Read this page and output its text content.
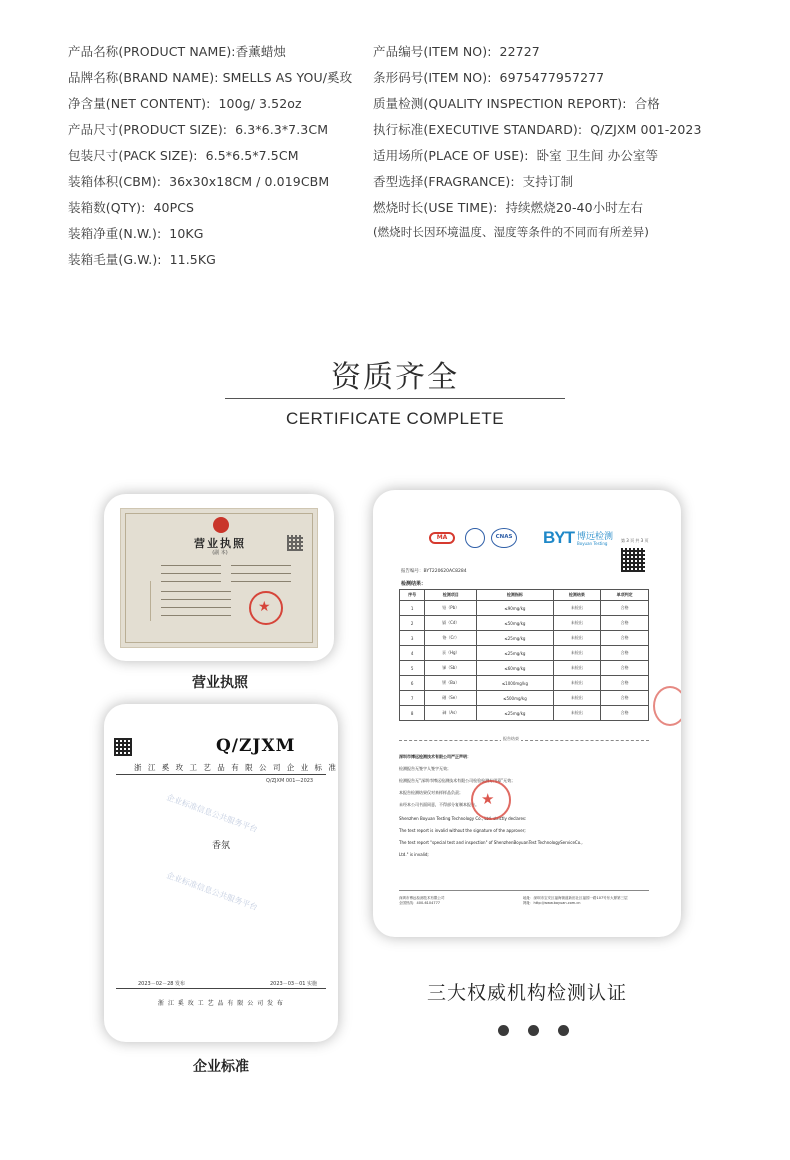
产品名称(PRODUCT NAME):香薰蜡烛
品牌名称(BRAND NAME): SMELLS AS YOU/奚玫
净含量(NET CONTENT): 100g/ 3.52oz
产品尺寸(PRODUCT SIZE): 6.3*6.3*7.3CM
包装尺寸(PACK SIZE): 6.5*6.5*7.5CM
装箱体积(CBM): 36x30x18CM / 0.019CBM
装箱数(QTY): 40PCS
装箱净重(N.W.): 10KG
装箱毛量(G.W.): 11.5KG
产品编号(ITEM NO): 22727
条形码号(ITEM NO): 6975477957277
质量检测(QUALITY INSPECTION REPORT): 合格
执行标准(EXECUTIVE STANDARD): Q/ZJXM 001-2023
适用场所(PLACE OF USE): 卧室 卫生间 办公室等
香型选择(FRAGRANCE): 支持订制
燃烧时长(USE TIME): 持续燃烧20-40小时左右
(燃烧时长因环境温度、湿度等条件的不同而有所差异)
资质齐全
CERTIFICATE COMPLETE
营业执照
(副 本)
★
营业执照
Q/ZJXM
浙 江 奚 玫 工 艺 品 有 限 公 司 企 业 标 准
Q/ZJXM 001—2023
企业标准信息公共服务平台
企业标准信息公共服务平台
香氛
2023－02－28 发布	2023－03－01 实施
浙 江 奚 玫 工 艺 品 有 限 公 司 发 布
企业标准
MA	CNAS BYT 博远检测
Boyuan Testing
第 3 页 共 3 页
报告编号：BYT220620AC8284
检测结果：
序号	检测项目	检测指标	检测结果	单项判定
1	铅（Pb）	≤90mg/kg	未检出	合格
2	镉（Cd）	≤50mg/kg	未检出	合格
3	铬（Cr）	≤25mg/kg	未检出	合格
4	汞（Hg）	≤25mg/kg	未检出	合格
5	锑（Sb）	≤60mg/kg	未检出	合格
6	钡（Ba）	≤1000mg/kg	未检出	合格
7	硒（Se）	≤500mg/kg	未检出	合格
8	砷（As）	≤25mg/kg	未检出	合格
报告结束
深圳市博远检测技术有限公司严正声明：
检测报告无签字人签字无效；
检测报告无“深圳市博远检测技术有限公司检验检测专用章”无效；
本报告检测结果仅对来样样品负责；
未经本公司书面同意，不得部分复制本报告。
Shenzhen Boyuan Testing Technology Co., Ltd. strictly declares:
The test report is invalid without the signature of the approver;
The test report "special test and inspection" of ShenzhenBoyuanTest TechnologyServiceCo.,
Ltd." is invalid;
★
深圳市博远检测技术有限公司
全国热线：400-6104777
地址：深圳市宝安区福海街道新田社区福园一路107号东大厦第三层
网址：http://www.boyuan.com.cn
三大权威机构检测认证
